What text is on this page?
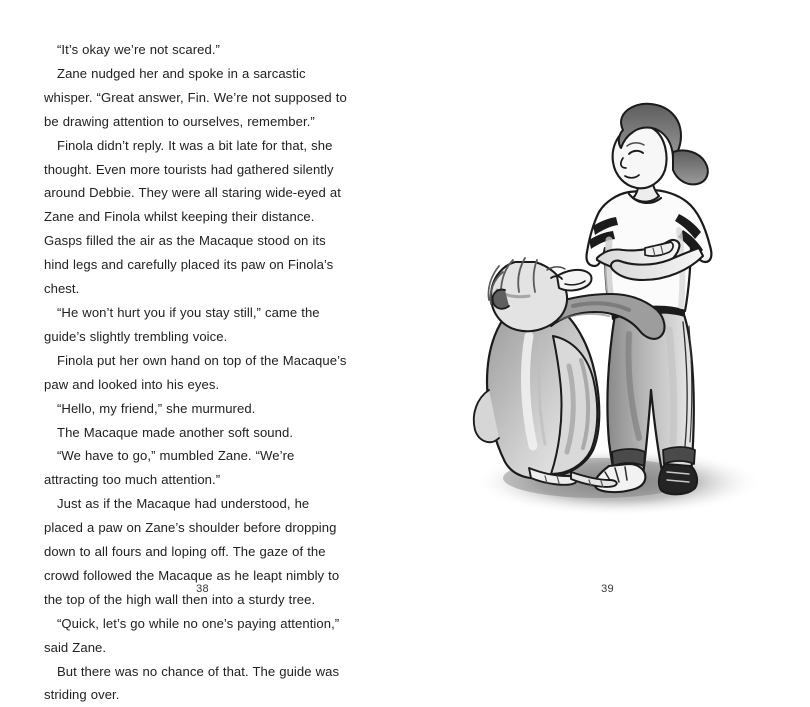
“It’s okay we’re not scared.”

Zane nudged her and spoke in a sarcastic whisper. “Great answer, Fin. We’re not supposed to be drawing attention to ourselves, remember.”

Finola didn’t reply. It was a bit late for that, she thought. Even more tourists had gathered silently around Debbie. They were all staring wide-eyed at Zane and Finola whilst keeping their distance. Gasps filled the air as the Macaque stood on its hind legs and carefully placed its paw on Finola’s chest.

“He won’t hurt you if you stay still,” came the guide’s slightly trembling voice.

Finola put her own hand on top of the Macaque’s paw and looked into his eyes.

“Hello, my friend,” she murmured.

The Macaque made another soft sound.

“We have to go,” mumbled Zane. “We’re attracting too much attention.”

Just as if the Macaque had understood, he placed a paw on Zane’s shoulder before dropping down to all fours and loping off. The gaze of the crowd followed the Macaque as he leapt nimbly to the top of the high wall then into a sturdy tree.

“Quick, let’s go while no one’s paying attention,” said Zane.

But there was no chance of that. The guide was striding over.

38	39
